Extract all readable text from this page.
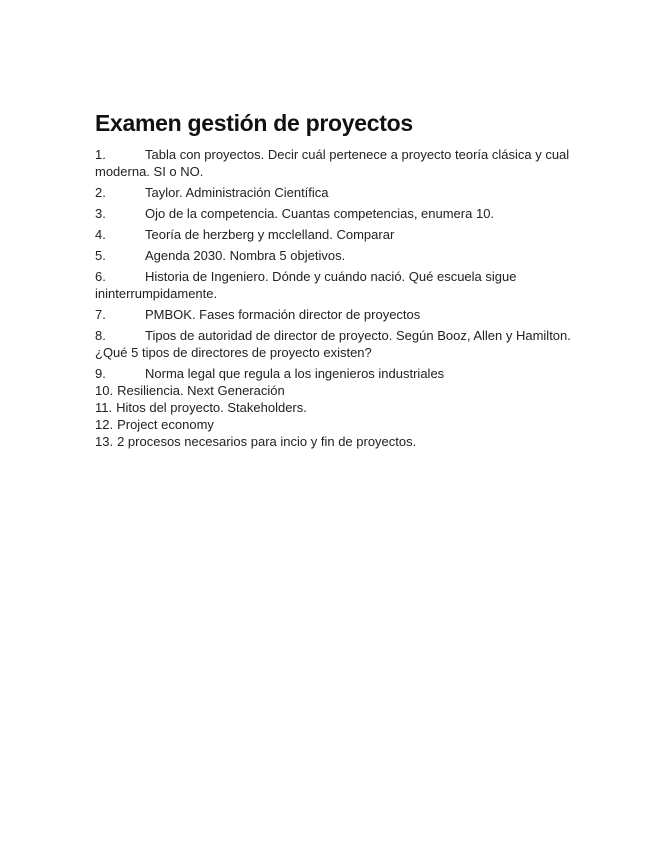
Examen gestión de proyectos
1.	Tabla con proyectos. Decir cuál pertenece a proyecto teoría clásica y cual moderna. SI o NO.
2.	Taylor. Administración Científica
3.	Ojo de la competencia. Cuantas competencias, enumera 10.
4.	Teoría de herzberg y mcclelland. Comparar
5.	Agenda 2030. Nombra 5 objetivos.
6.	Historia de Ingeniero. Dónde y cuándo nació. Qué escuela sigue ininterrumpidamente.
7.	PMBOK. Fases formación director de proyectos
8.	Tipos de autoridad de director de proyecto. Según Booz, Allen y Hamilton. ¿Qué 5 tipos de directores de proyecto existen?
9.	Norma legal que regula a los ingenieros industriales
10. Resiliencia. Next Generación
11. Hitos del proyecto. Stakeholders.
12. Project economy
13. 2 procesos necesarios para incio y fin de proyectos.
